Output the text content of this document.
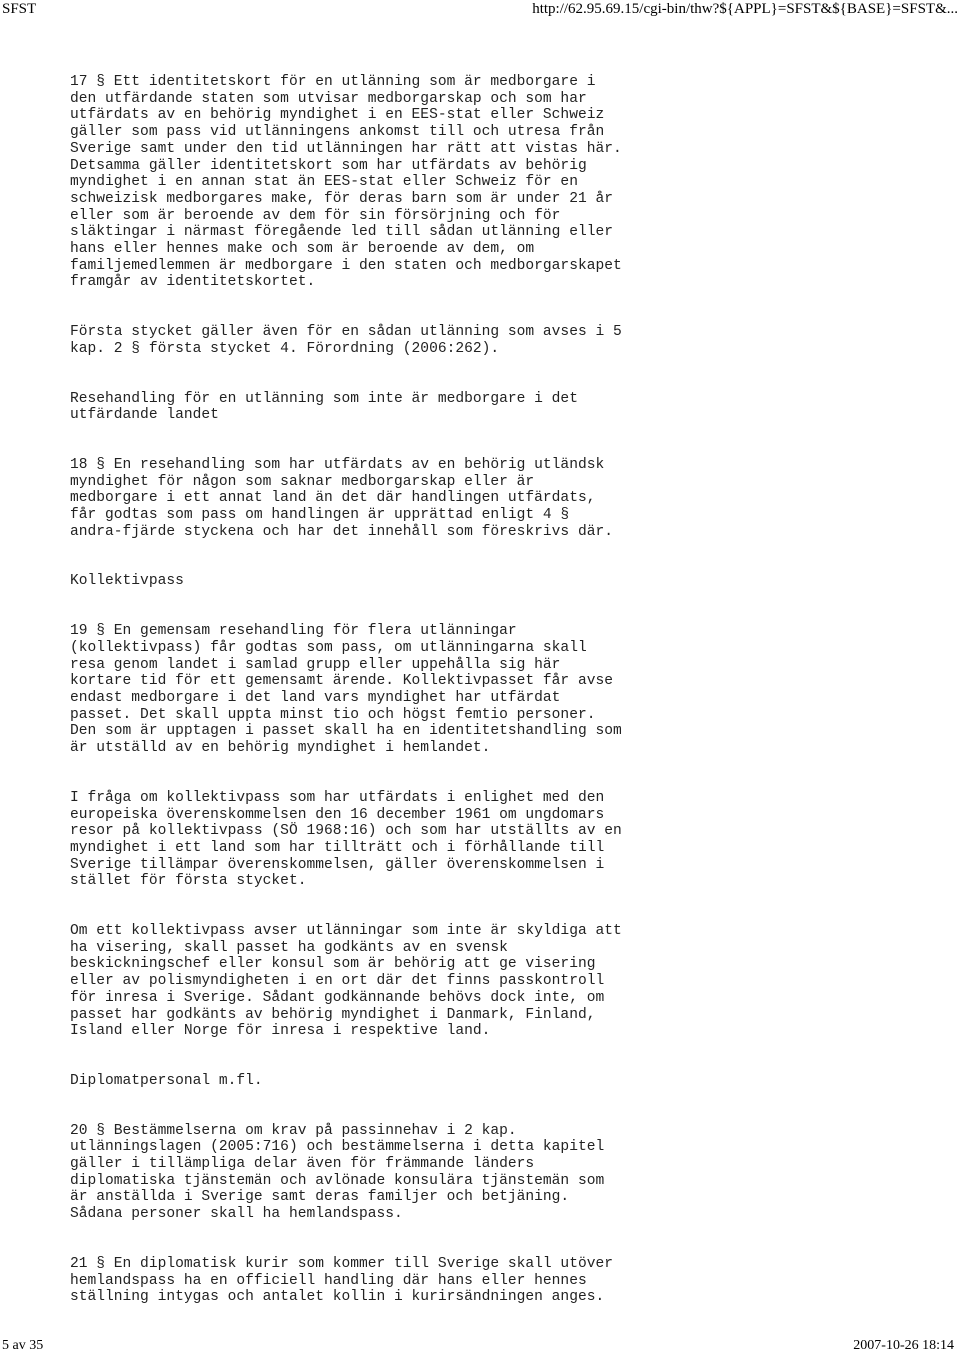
SFST	http://62.95.69.15/cgi-bin/thw?${APPL}=SFST&${BASE}=SFST&...

17 § Ett identitetskort för en utlänning som är medborgare i
den utfärdande staten som utvisar medborgarskap och som har
utfärdats av en behörig myndighet i en EES-stat eller Schweiz
gäller som pass vid utlänningens ankomst till och utresa från
Sverige samt under den tid utlänningen har rätt att vistas här.
Detsamma gäller identitetskort som har utfärdats av behörig
myndighet i en annan stat än EES-stat eller Schweiz för en
schweizisk medborgares make, för deras barn som är under 21 år
eller som är beroende av dem för sin försörjning och för
släktingar i närmast föregående led till sådan utlänning eller
hans eller hennes make och som är beroende av dem, om
familjemedlemmen är medborgare i den staten och medborgarskapet
framgår av identitetskortet.

Första stycket gäller även för en sådan utlänning som avses i 5
kap. 2 § första stycket 4. Förordning (2006:262).

Resehandling för en utlänning som inte är medborgare i det
utfärdande landet

18 § En resehandling som har utfärdats av en behörig utländsk
myndighet för någon som saknar medborgarskap eller är
medborgare i ett annat land än det där handlingen utfärdats,
får godtas som pass om handlingen är upprättad enligt 4 §
andra-fjärde styckena och har det innehåll som föreskrivs där.

Kollektivpass

19 § En gemensam resehandling för flera utlänningar
(kollektivpass) får godtas som pass, om utlänningarna skall
resa genom landet i samlad grupp eller uppehålla sig här
kortare tid för ett gemensamt ärende. Kollektivpasset får avse
endast medborgare i det land vars myndighet har utfärdat
passet. Det skall uppta minst tio och högst femtio personer.
Den som är upptagen i passet skall ha en identitetshandling som
är utställd av en behörig myndighet i hemlandet.

I fråga om kollektivpass som har utfärdats i enlighet med den
europeiska överenskommelsen den 16 december 1961 om ungdomars
resor på kollektivpass (SÖ 1968:16) och som har utställts av en
myndighet i ett land som har tillträtt och i förhållande till
Sverige tillämpar överenskommelsen, gäller överenskommelsen i
stället för första stycket.

Om ett kollektivpass avser utlänningar som inte är skyldiga att
ha visering, skall passet ha godkänts av en svensk
beskickningschef eller konsul som är behörig att ge visering
eller av polismyndigheten i en ort där det finns passkontroll
för inresa i Sverige. Sådant godkännande behövs dock inte, om
passet har godkänts av behörig myndighet i Danmark, Finland,
Island eller Norge för inresa i respektive land.

Diplomatpersonal m.fl.

20 § Bestämmelserna om krav på passinnehav i 2 kap.
utlänningslagen (2005:716) och bestämmelserna i detta kapitel
gäller i tillämpliga delar även för främmande länders
diplomatiska tjänstemän och avlönade konsulära tjänstemän som
är anställda i Sverige samt deras familjer och betjäning.
Sådana personer skall ha hemlandspass.

21 § En diplomatisk kurir som kommer till Sverige skall utöver
hemlandspass ha en officiell handling där hans eller hennes
ställning intygas och antalet kollin i kurirsändningen anges.

5 av 35	2007-10-26 18:14
